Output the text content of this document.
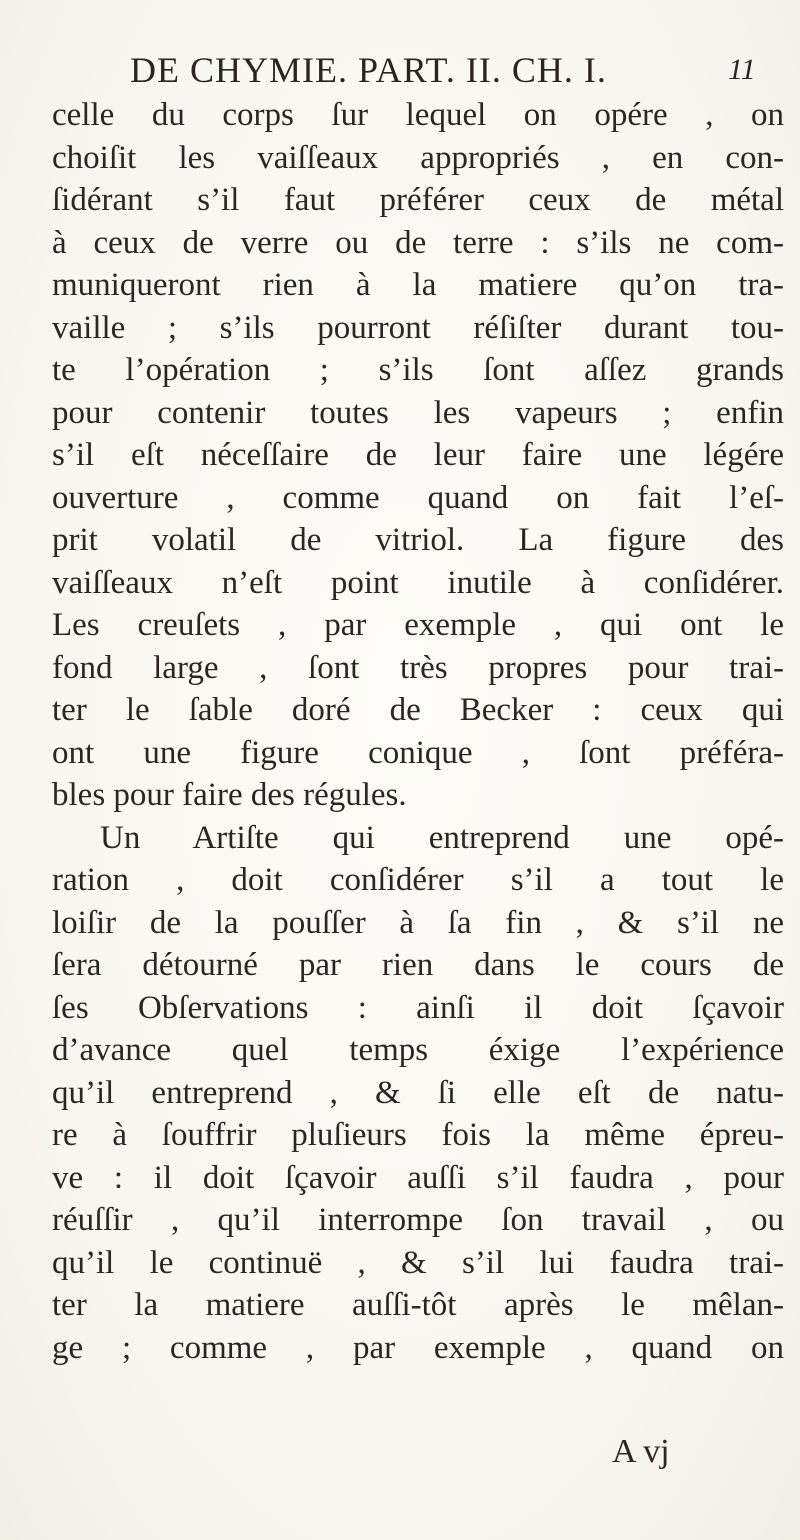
DE CHYMIE. PART. II. CH. I.	11
celle du corps ſur lequel on opére , on
choiſit les vaiſſeaux appropriés , en con-
ſidérant s’il faut préférer ceux de métal
à ceux de verre ou de terre : s’ils ne com-
muniqueront rien à la matiere qu’on tra-
vaille ; s’ils pourront réſiſter durant tou-
te l’opération ; s’ils ſont aſſez grands
pour contenir toutes les vapeurs ; enfin
s’il eſt néceſſaire de leur faire une légére
ouverture , comme quand on fait l’eſ-
prit volatil de vitriol. La figure des
vaiſſeaux n’eſt point inutile à conſidérer.
Les creuſets , par exemple , qui ont le
fond large , ſont très propres pour trai-
ter le ſable doré de Becker : ceux qui
ont une figure conique , ſont préféra-
bles pour faire des régules.
Un Artiſte qui entreprend une opé-
ration , doit conſidérer s’il a tout le
loiſir de la pouſſer à ſa fin , & s’il ne
ſera détourné par rien dans le cours de
ſes Obſervations : ainſi il doit ſçavoir
d’avance quel temps éxige l’expérience
qu’il entreprend , & ſi elle eſt de natu-
re à ſouffrir pluſieurs fois la même épreu-
ve : il doit ſçavoir auſſi s’il faudra , pour
réuſſir , qu’il interrompe ſon travail , ou
qu’il le continuë , & s’il lui faudra trai-
ter la matiere auſſi-tôt après le mêlan-
ge ; comme , par exemple , quand on
A vj
